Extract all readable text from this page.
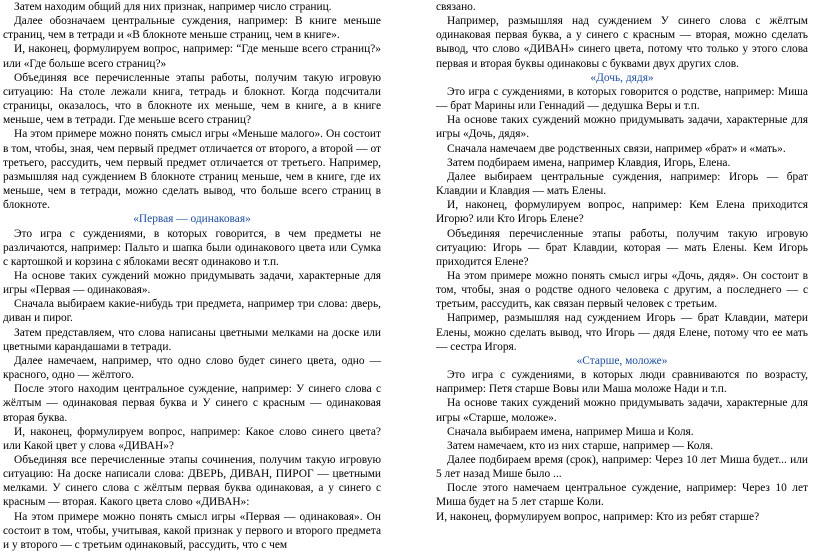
Затем находим общий для них признак, например число страниц.

Далее обозначаем центральные суждения, например: В книге меньше страниц, чем в тетради и «В блокноте меньше страниц, чем в книге».

И, наконец, формулируем вопрос, например: “Где меньше всего страниц?» или «Где больше всего страниц?»

Объединяя все перечисленные этапы работы, получим такую игровую ситуацию: На столе лежали книга, тетрадь и блокнот. Когда подсчитали страницы, оказалось, что в блокноте их меньше, чем в книге, а в книге меньше, чем в тетради. Где меньше всего страниц?

На этом примере можно понять смысл игры «Меньше малого». Он состоит в том, чтобы, зная, чем первый предмет отличается от второго, а второй — от третьего, рассудить, чем первый предмет отличается от третьего. Например, размышляя над суждением В блокноте страниц меньше, чем в книге, где их меньше, чем в тетради, можно сделать вывод, что больше всего страниц в блокноте.

«Первая — одинаковая»

Это игра с суждениями, в которых говорится, в чем предметы не различаются, например: Пальто и шапка были одинакового цвета или Сумка с картошкой и корзина с яблоками весят одинаково и т.п.

На основе таких суждений можно придумывать задачи, характерные для игры «Первая — одинаковая».

Сначала выбираем какие-нибудь три предмета, например три слова: дверь, диван и пирог.

Затем представляем, что слова написаны цветными мелками на доске или цветными карандашами в тетради.

Далее намечаем, например, что одно слово будет синего цвета, одно — красного, одно — жёлтого.

После этого находим центральное суждение, например: У синего слова с жёлтым — одинаковая первая буква и У синего с красным — одинаковая вторая буква.

И, наконец, формулируем вопрос, например: Какое слово синего цвета? или Какой цвет у слова «ДИВАН»?

Объединяя все перечисленные этапы сочинения, получим такую игровую ситуацию: На доске написали слова: ДВЕРЬ, ДИВАН, ПИРОГ — цветными мелками. У синего слова с жёлтым первая буква одинаковая, а у синего с красным — вторая. Какого цвета слово «ДИВАН»:

На этом примере можно понять смысл игры «Первая — одинаковая». Он состоит в том, чтобы, учитывая, какой признак у первого и второго предмета и у второго — с третьим одинаковый, рассудить, что с чем

связано.

Например, размышляя над суждением У синего слова с жёлтым одинаковая первая буква, а у синего с красным — вторая, можно сделать вывод, что слово «ДИВАН» синего цвета, потому что только у этого слова первая и вторая буквы одинаковы с буквами двух других слов.

«Дочь, дядя»

Это игра с суждениями, в которых говорится о родстве, например: Миша — брат Марины или Геннадий — дедушка Веры и т.п.

На основе таких суждений можно придумывать задачи, характерные для игры «Дочь, дядя».

Сначала намечаем две родственных связи, например «брат» и «мать».

Затем подбираем имена, например Клавдия, Игорь, Елена.

Далее выбираем центральные суждения, например: Игорь — брат Клавдии и Клавдия — мать Елены.

И, наконец, формулируем вопрос, например: Кем Елена приходится Игорю? или Кто Игорь Елене?

Объединяя перечисленные этапы работы, получим такую игровую ситуацию: Игорь — брат Клавдии, которая — мать Елены. Кем Игорь приходится Елене?

На этом примере можно понять смысл игры «Дочь, дядя». Он состоит в том, чтобы, зная о родстве одного человека с другим, а последнего — с третьим, рассудить, как связан первый человек с третьим.

Например, размышляя над суждением Игорь — брат Клавдии, матери Елены, можно сделать вывод, что Игорь — дядя Елене, потому что ее мать — сестра Игоря.

«Старше, моложе»

Это игра с суждениями, в которых люди сравниваются по возрасту, например: Петя старше Вовы или Маша моложе Нади и т.п.

На основе таких суждений можно придумывать задачи, характерные для игры «Старше, моложе».

Сначала выбираем имена, например Миша и Коля.

Затем намечаем, кто из них старше, например — Коля.

Далее подбираем время (срок), например: Через 10 лет Миша будет... или 5 лет назад Мише было ...

После этого намечаем центральное суждение, например: Через 10 лет Миша будет на 5 лет старше Коли.

И, наконец, формулируем вопрос, например: Кто из ребят старше?
